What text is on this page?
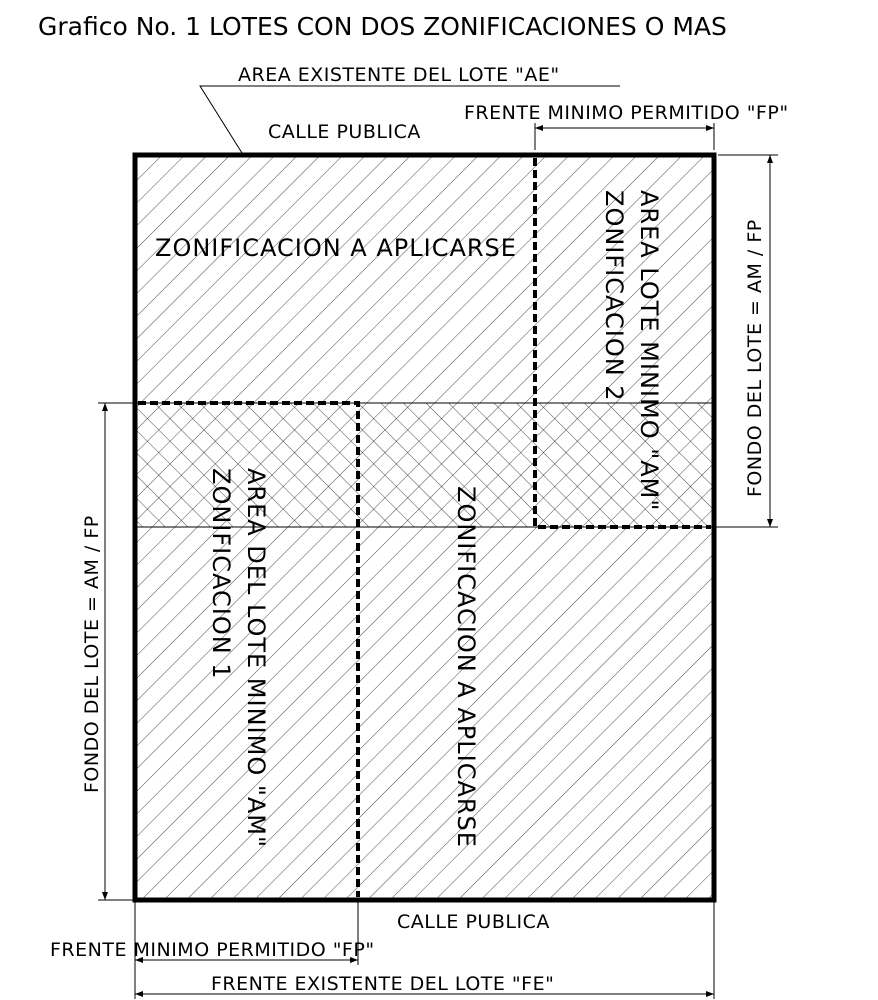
Grafico No. 1 LOTES CON DOS ZONIFICACIONES O MAS
AREA EXISTENTE DEL LOTE "AE"
FRENTE MINIMO PERMITIDO "FP"
CALLE PUBLICA
ZONIFICACION A APLICARSE	AREA LOTE MINIMO "AM"
ZONIFICACION 2	FONDO DEL LOTE = AM / FP
FONDO DEL LOTE = AM / FP	AREA DEL LOTE MINIMO "AM"
ZONIFICACION 1	ZONIFICACION A APLICARSE
CALLE PUBLICA
FRENTE MINIMO PERMITIDO "FP"
FRENTE EXISTENTE DEL LOTE "FE"
